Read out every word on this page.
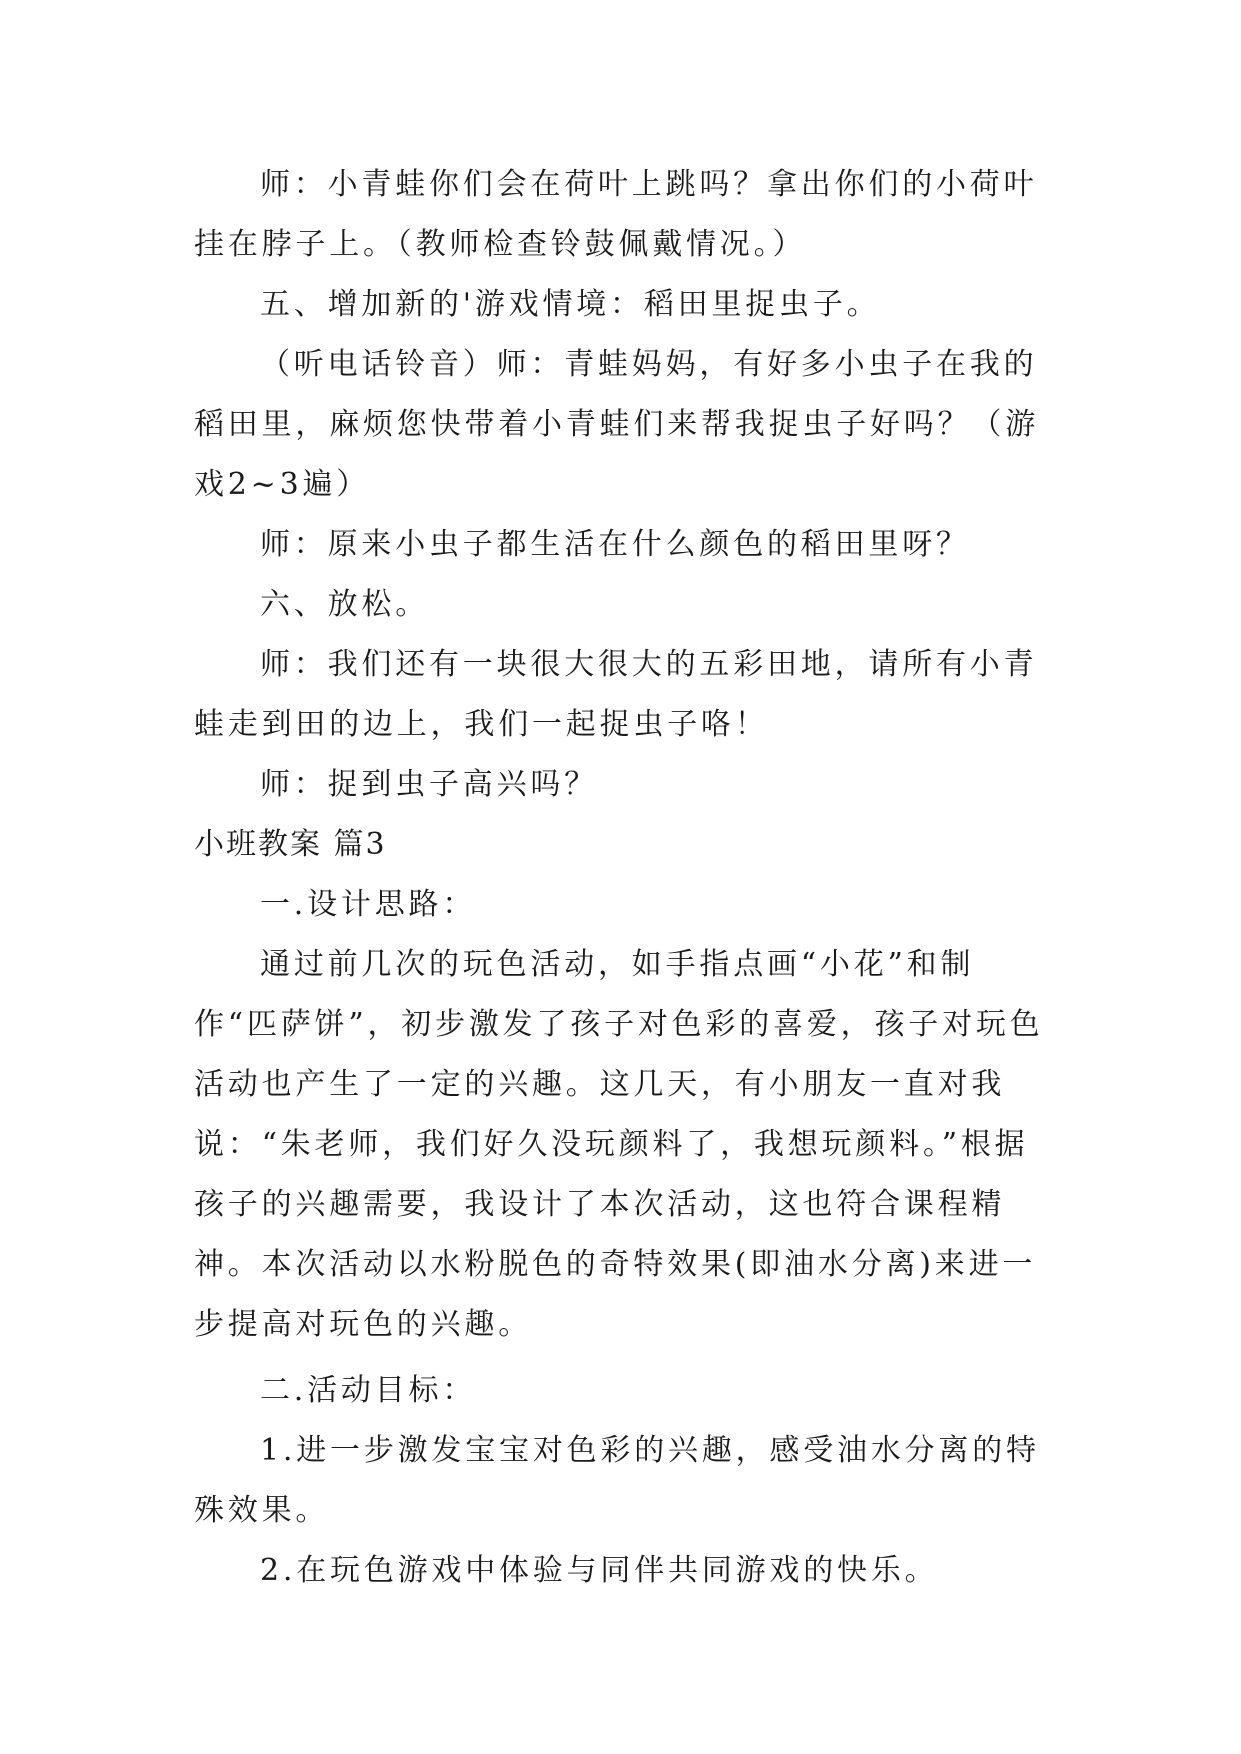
师：小青蛙你们会在荷叶上跳吗？拿出你们的小荷叶挂在脖子上。（教师检查铃鼓佩戴情况。）

五、增加新的'游戏情境：稻田里捉虫子。

（听电话铃音）师：青蛙妈妈，有好多小虫子在我的稻田里，麻烦您快带着小青蛙们来帮我捉虫子好吗？（游戏2~3遍）

师：原来小虫子都生活在什么颜色的稻田里呀？

六、放松。

师：我们还有一块很大很大的五彩田地，请所有小青蛙走到田的边上，我们一起捉虫子咯！

师：捉到虫子高兴吗？

小班教案 篇3

一.设计思路：

通过前几次的玩色活动，如手指点画“小花”和制作“匹萨饼”，初步激发了孩子对色彩的喜爱，孩子对玩色活动也产生了一定的兴趣。这几天，有小朋友一直对我说：“朱老师，我们好久没玩颜料了，我想玩颜料。”根据孩子的兴趣需要，我设计了本次活动，这也符合课程精神。本次活动以水粉脱色的奇特效果(即油水分离)来进一步提高对玩色的兴趣。

二.活动目标：

1.进一步激发宝宝对色彩的兴趣，感受油水分离的特殊效果。

2.在玩色游戏中体验与同伴共同游戏的快乐。
